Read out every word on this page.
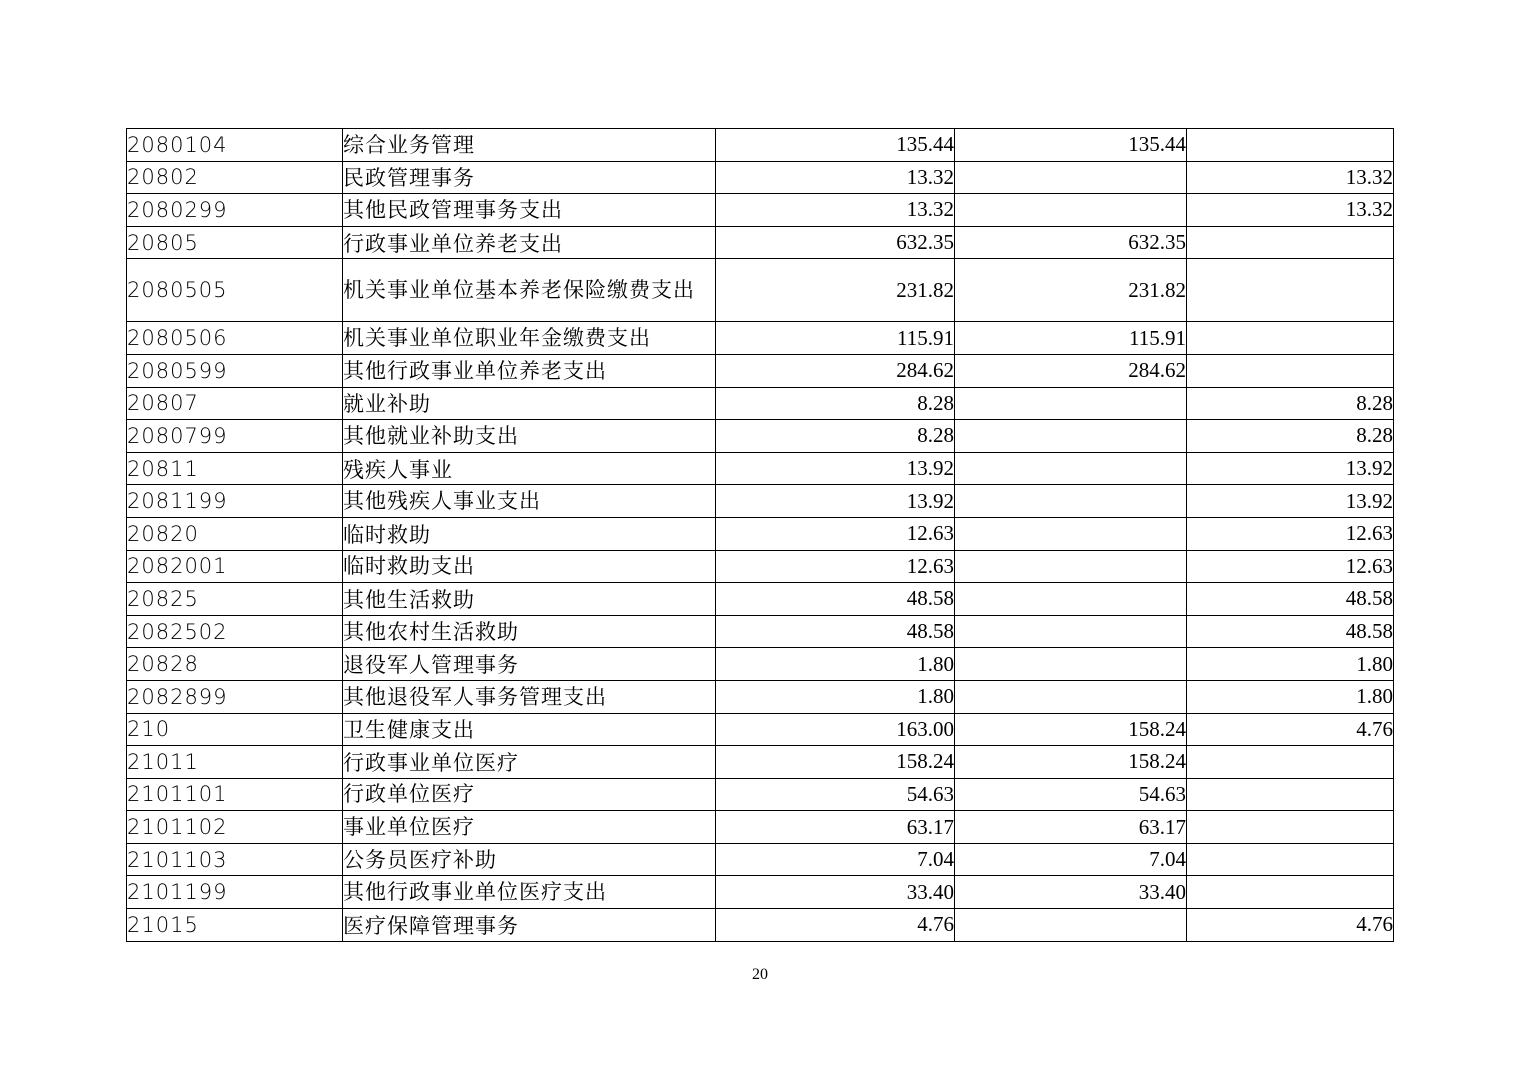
2080104	综合业务管理	135.44	135.44	
20802	民政管理事务	13.32		13.32
2080299	其他民政管理事务支出	13.32		13.32
20805	行政事业单位养老支出	632.35	632.35	
2080505	机关事业单位基本养老保险缴费支出	231.82	231.82	
2080506	机关事业单位职业年金缴费支出	115.91	115.91	
2080599	其他行政事业单位养老支出	284.62	284.62	
20807	就业补助	8.28		8.28
2080799	其他就业补助支出	8.28		8.28
20811	残疾人事业	13.92		13.92
2081199	其他残疾人事业支出	13.92		13.92
20820	临时救助	12.63		12.63
2082001	临时救助支出	12.63		12.63
20825	其他生活救助	48.58		48.58
2082502	其他农村生活救助	48.58		48.58
20828	退役军人管理事务	1.80		1.80
2082899	其他退役军人事务管理支出	1.80		1.80
210	卫生健康支出	163.00	158.24	4.76
21011	行政事业单位医疗	158.24	158.24	
2101101	行政单位医疗	54.63	54.63	
2101102	事业单位医疗	63.17	63.17	
2101103	公务员医疗补助	7.04	7.04	
2101199	其他行政事业单位医疗支出	33.40	33.40	
21015	医疗保障管理事务	4.76		4.76
20
